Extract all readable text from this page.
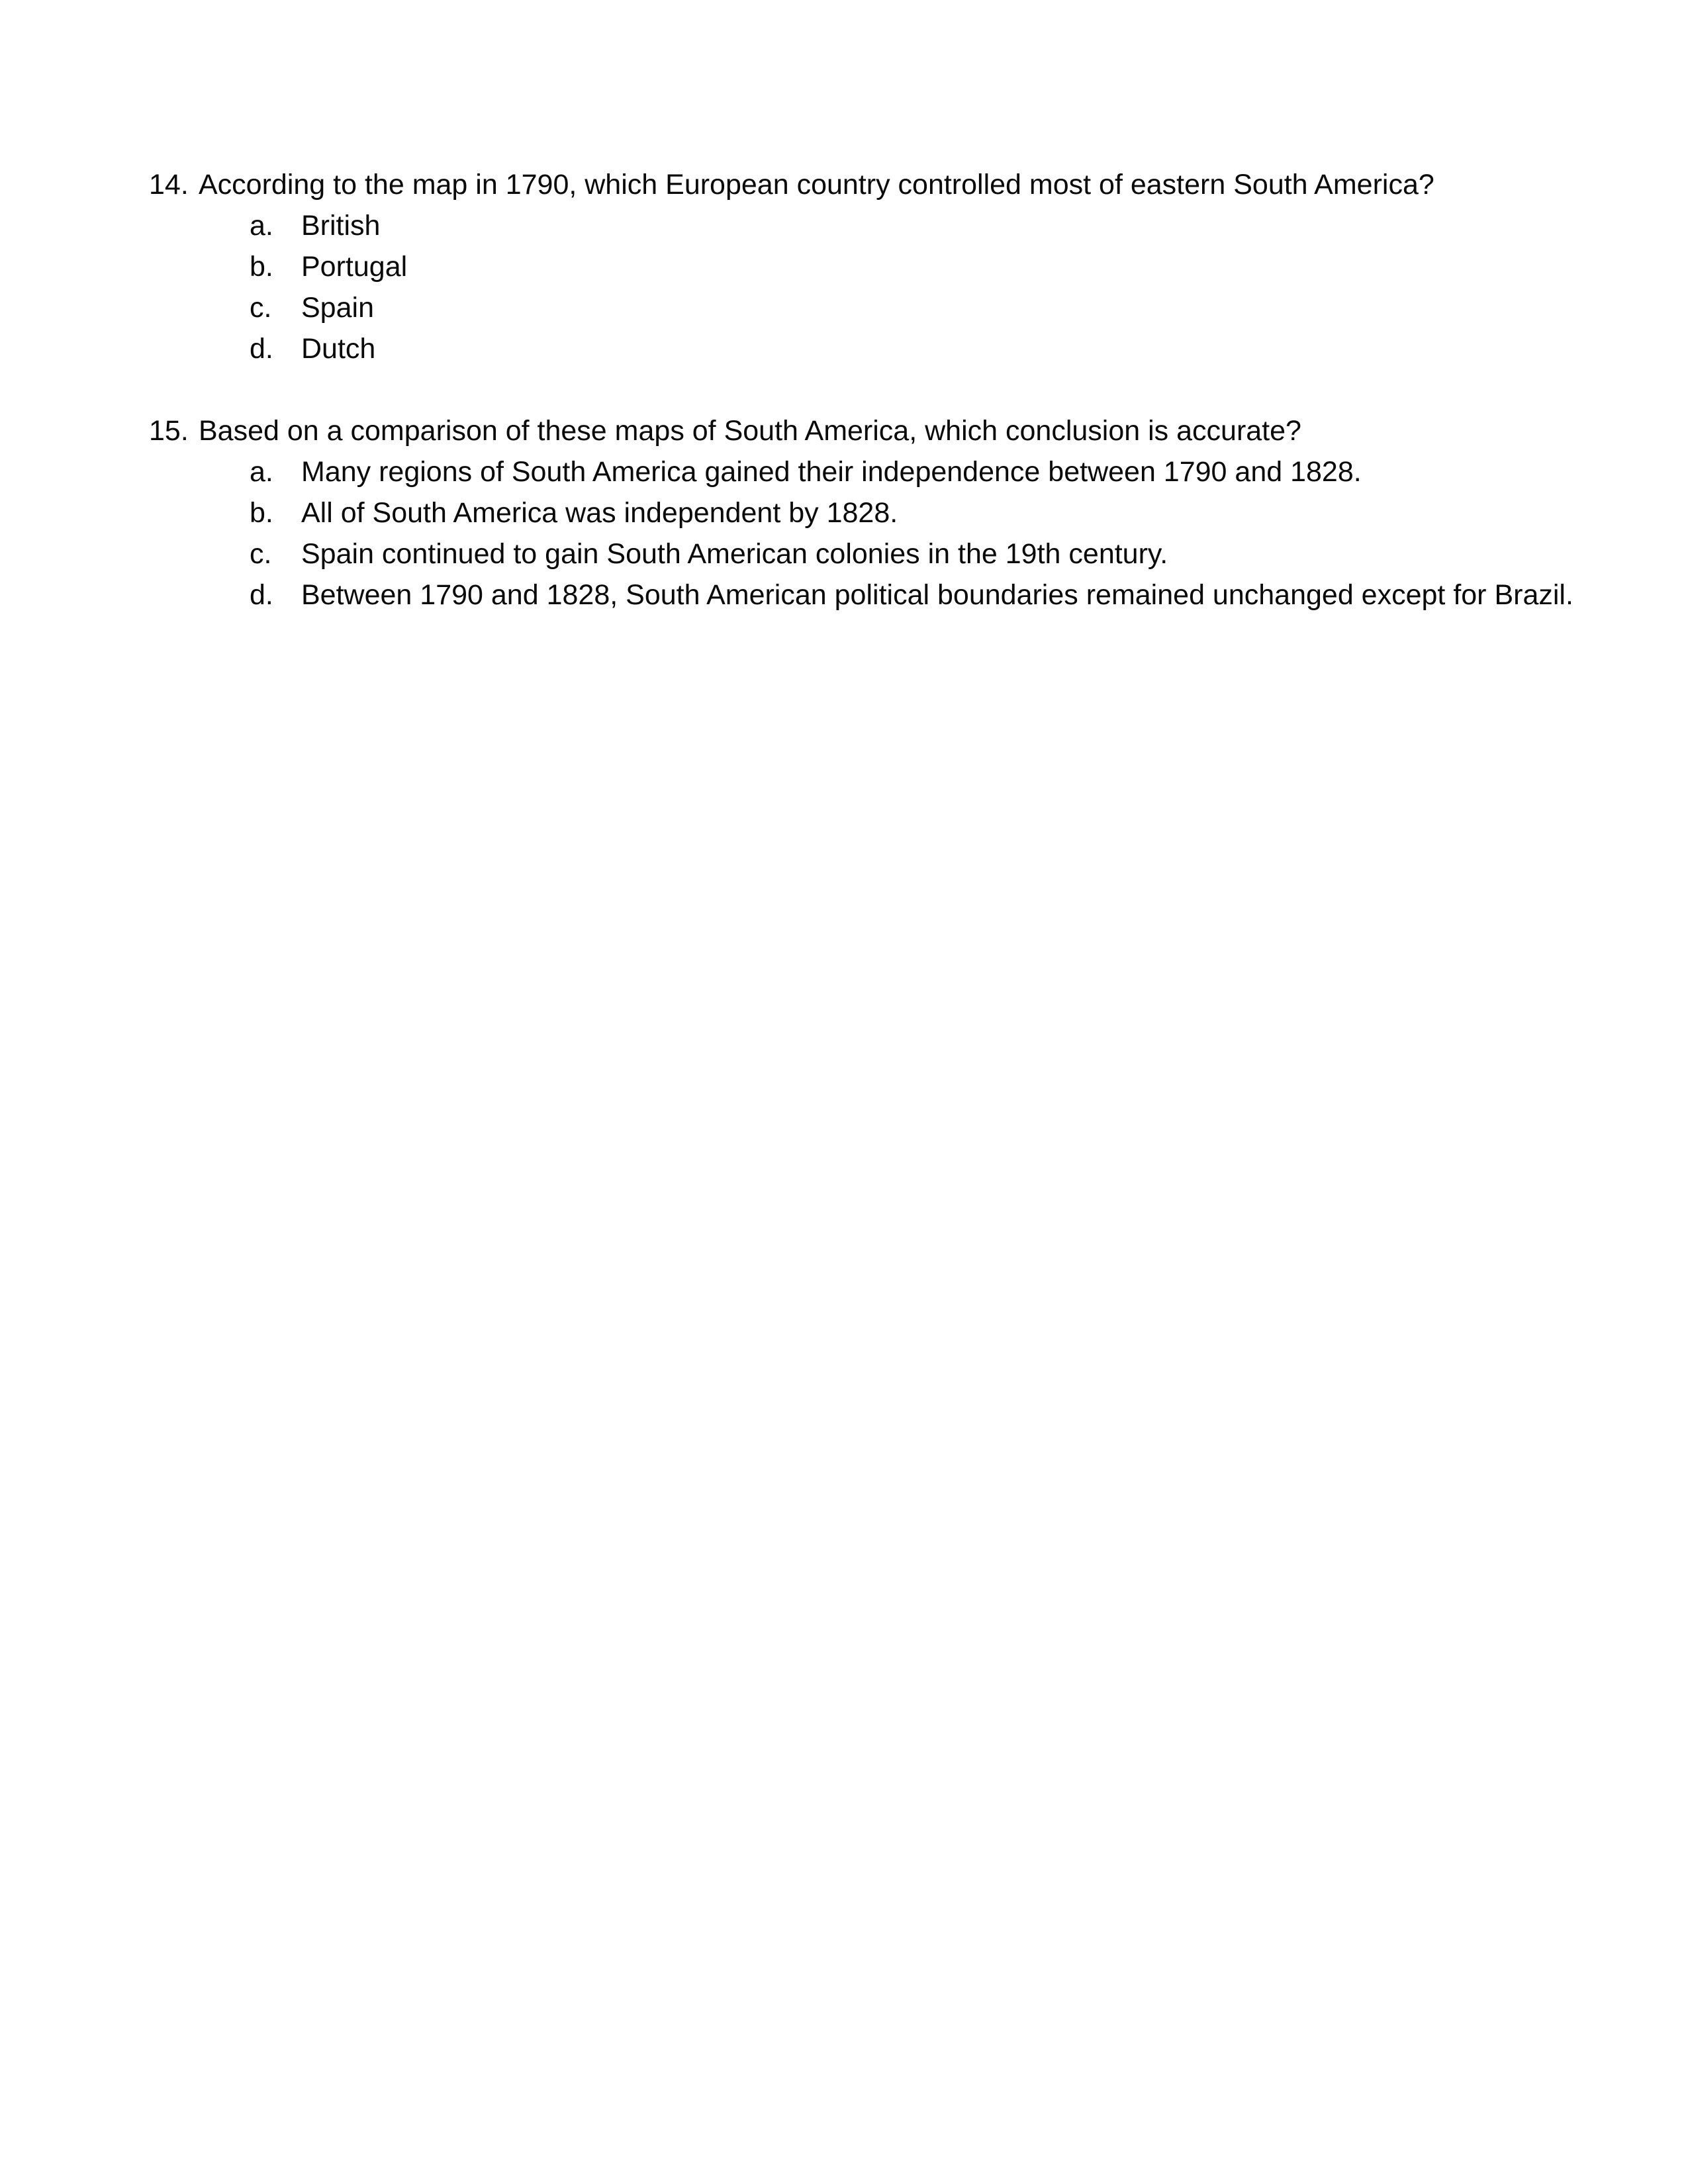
14. According to the map in 1790, which European country controlled most of eastern South America?
a. British
b. Portugal
c.	Spain
d. Dutch
15. Based on a comparison of these maps of South America, which conclusion is accurate?
a. Many regions of South America gained their independence between 1790 and 1828.
b. All of South America was independent by 1828.
c.	Spain continued to gain South American colonies in the 19th century.
d. Between 1790 and 1828, South American political boundaries remained unchanged except for Brazil.
